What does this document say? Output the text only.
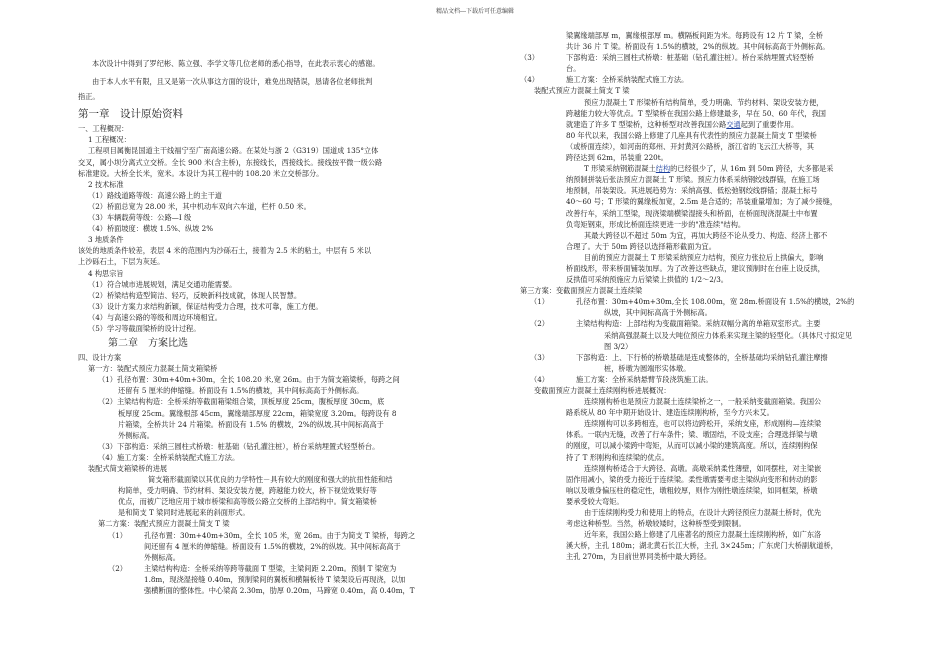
精品文档---下载后可任意编辑

本次设计中得到了罗纪彬、陈立强、李学文等几位老师的悉心指导，在此表示衷心的感谢。

由于本人水平有限，且又是第一次从事这方面的设计，难免出现错误，恳请各位老师批判

指正。

第一章　设计原始资料

一、工程概况：

1 工程概况：

工程项目属衡昆国道主干线福宁至广南高速公路。在某处与浙 2（G319）国道成 135°立体

交叉，属小坝分离式立交桥。全长 900 米(含主桥)，东接线长，西接线长。接线按平微一级公路

标准建设。大桥全长米，宽米。本设计为其工程中的 108.20 米立交桥部分。

2 技术标准

（1）路线道路等级：高速公路上的主干道

（2）桥面总宽为 28.00 米，其中机动车双向六车道，栏杆 0.50 米。

（3）车辆载荷等级：公路—I 级

（4）桥面坡度：横坡 1.5%、纵坡 2%

3 地质条件

该处的地质条件较差，表层 4 米的范围内为沙砾石土，接着为 2.5 米的粘土，中层有 5 米以

上沙砾石土，下层为灰延。

4 构思宗旨

（1）符合城市进展规划，满足交通功能需要。

（2）桥梁结构造型简洁、轻巧，反映新科技成就，体现人民智慧。

（3）设计方案力求结构新颖，保证结构受力合理，技术可靠，施工方便。

（4）与高速公路的等级和周边环境相宜。

（5）学习等截面梁桥的设计过程。

第二章　方案比选

四、设计方案

第一方：装配式预应力混凝土简支箱梁桥

（1）孔径布置：30m+40m+30m，全长 108.20 米,宽 26m。由于为简支箱梁桥，每跨之间

还留有 5 厘米的伸缩缝。桥面设有 1.5%的横坡，其中间标高高于外侧标高。

（2）主梁结构构造：全桥采纳等截面箱梁组合梁，顶板厚度 25cm，腹板厚度 30cm，底

板厚度 25cm。翼缘根部 45cm，翼缘端部厚度 22cm，箱梁宽度 3.20m。每跨设有 8

片箱梁，全桥共计 24 片箱梁。桥面设有 1.5% 的横坡，2%的纵坡,其中间标高高于

外侧标高。

（3）下部构造：采纳三圆柱式桥墩：桩基础（钻孔灌注桩），桥台采纳埋置式轻型桥台。

（4）施工方案：全桥采纳装配式施工方法。

装配式简支箱梁桥的进展

简支箱形截面梁以其优良的力学特性－具有较大的刚度和强大的抗扭性能和结

构简单，受力明确、节约材料、架设安装方便，跨越能力较大，桥下视觉效果好等

优点，而被广泛地应用于城市桥梁和高等级公路立交桥的上部结构中。简支箱梁桥

是和简支 T 梁同时进展起来的斜面形式。

第二方案：装配式预应力混凝土简支 T 梁

（1） 孔径布置：30m+40m+30m，全长 105 米，宽 26m。由于为简支 T 梁桥，每跨之

间还留有 4 厘米的伸缩缝。桥面设有 1.5%的横坡，2%的纵坡。其中间标高高于

外侧标高。

（2） 主梁结构构造：全桥采纳等跨等截面 T 型梁，主梁间距 2.20m。预制 T 梁宽为

1.8m，现浇湿接缝 0.40m，预制梁间的翼板和横隔板待 T 梁架设后再现浇，以加

强横断面的整体性。中心梁高 2.30m，肋厚 0.20m，马蹄宽 0.40m，高 0.40m，T

梁翼缘端部厚 m，翼缘根部厚 m。横隔板间距为米。每跨设有 12 片 T 梁，全桥

共计 36 片 T 梁。桥面设有 1.5%的横坡，2%的纵坡。其中间标高高于外侧标高。

（3）	下部构造：采纳三圆柱式桥墩：桩基础（钻孔灌注桩）。桥台采纳埋置式轻型桥

台。

（4）	施工方案：全桥采纳装配式施工方法。

装配式预应力混凝土简支 T 梁

预应力混凝土 T 形梁桥有结构简单，受力明确、节约材料、架设安装方便，

跨越能力较大等优点。T 型梁桥在我国公路上修建最多，早在 50、60 年代，我国

就建造了许多 T 型梁桥，这种桥型对改善我国公路交通起到了重要作用。

80 年代以来，我国公路上修建了几座具有代表性的预应力混凝土简支 T 型梁桥

（或桥面连续），如河南的郑州、开封黄河公路桥，浙江省的飞云江大桥等，其

跨径达到 62m，吊装重 220t。

T 形梁采纳钢筋混凝土结构的已经很少了，从 16m 到 50m 跨径，大多都是采

纳预制拼装后张法预应力混凝土 T 形梁。预应力体系采纳钢绞线群锚，在施工场

地预制，吊装架设。其进展趋势为：采纳高强、低松弛钢绞线群锚；混凝土标号

40～60 号；T 形梁的翼缘板加宽，2.5m 是合适的；吊装重量增加；为了减少接缝，

改善行车，采纳工型梁，现浇梁端横梁湿接头和桥面，在桥面现浇混凝土中布置

负弯矩钢束，形成比桥面连续更进一步的"准连续"结构。

其最大跨径以不超过 50m 为宜，再加大跨径不论从受力、构造、经济上都不

合理了。大于 50m 跨径以选择箱形截面为宜。

目前的预应力混凝土 T 形梁采纳预应力结构，预应力张拉后上拱偏大，影响

桥面线形，带来桥面铺装加厚。为了改善这些缺点，建议预制时在台座上设反拱，

反拱值可采纳预施应力后梁梁上拱值的 1/2～2/3。

第三方案：变截面预应力混凝土连续梁

（1）	孔径布置：30m+40m+30m,全长 108.00m，宽 28m.桥面设有 1.5%的横坡，2%的

纵坡，其中间标高高于外侧标高。

（2）	主梁结构构造：上部结构为变截面箱梁。采纳双幅分离的单箱双室形式。主要

采纳高强混凝土以及大吨位预应力体系来实现主梁的轻型化。（具体尺寸拟定见

图 3/2）

（3）	下部构造：上、下行桥的桥墩基础是连成整体的，全桥基础均采纳钻孔灌注摩擦

桩，桥墩为圆端形实体墩。

（4）	施工方案：全桥采纳悬臂节段浇筑施工法。

变截面预应力混凝土连续刚构桥进展概况：

连续刚构桥也是预应力混凝土连续梁桥之一，一般采纳变截面箱梁。我国公

路系统从 80 年中期开始设计、建造连续刚构桥，至今方兴未艾。

连续刚构可以多跨相连，也可以将边跨松开，采纳支座，形成刚构—连续梁

体系。一联内无缝，改善了行车条件；梁、墩固结，不设支座；合理选择梁与墩

的刚度，可以减小梁跨中弯矩，从而可以减小梁的建筑高度。所以，连续刚构保

持了 T 形刚构和连续梁的优点。

连续刚构桥适合于大跨径、高墩。高墩采纳柔性薄壁，如同摆柱，对主梁嵌

固作用减小，梁的受力接近于连续梁。柔性墩需要考虑主梁纵向变形和转动的影

响以及墩身偏压柱的稳定性，墩粗较厚，则作为刚性墩连续梁，如同框架，桥墩

要承受较大弯矩。

由于连续刚构受力和使用上的特点，在设计大跨径预应力混凝土桥时，优先

考虑这种桥型。当然，桥墩较矮时，这种桥型受到限制。

近年来，我国公路上修建了几座著名的预应力混凝土连续刚构桥，如广东洛

溪大桥，主孔 180m；湖北黄石长江大桥，主孔 3×245m；广东虎门大桥副航道桥，

主孔 270m，为目前世界同类桥中最大跨径。
